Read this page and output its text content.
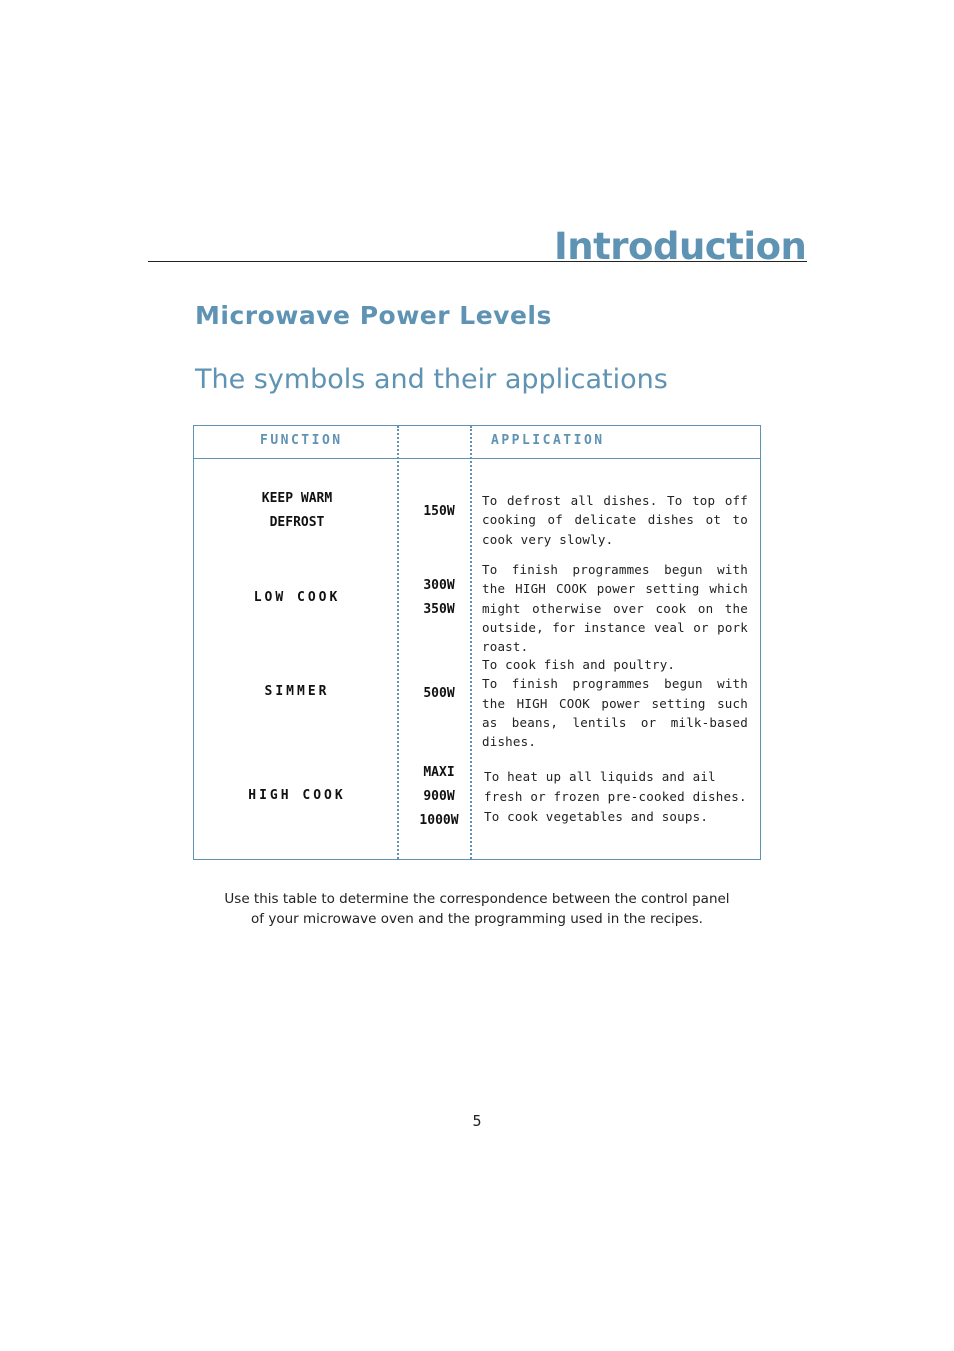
Introduction
Microwave Power Levels
The symbols and their applications

FUNCTION	APPLICATION

KEEP WARM
DEFROST

150W

To defrost all dishes. To top off cooking of delicate dishes ot to cook very slowly.

LOW COOK

300W
350W

To finish programmes begun with the HIGH COOK power setting which might otherwise over cook on the outside, for instance veal or pork roast.

SIMMER	500W

To cook fish and poultry.
To finish programmes begun with the HIGH COOK power setting such as beans, lentils or milk-based dishes.

HIGH COOK

MAXI
900W
1000W

To heat up all liquids and ail fresh or frozen pre-cooked dishes.
To cook vegetables and soups.

Use this table to determine the correspondence between the control panel
of your microwave oven and the programming used in the recipes.

5
